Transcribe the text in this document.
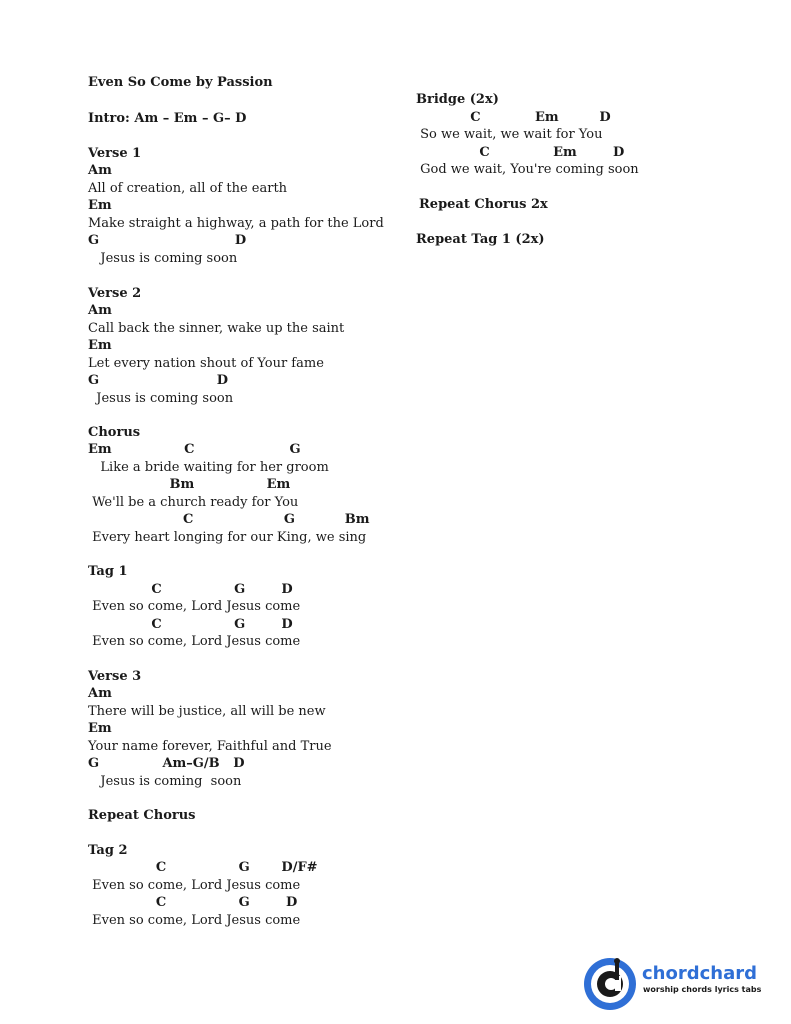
Even So Come by Passion
Intro: Am – Em – G– D
Verse 1
Am
All of creation, all of the earth
Em
Make straight a highway, a path for the Lord
G                              D
Jesus is coming soon
Verse 2
Am
Call back the sinner, wake up the saint
Em
Let every nation shout of Your fame
G                          D
Jesus is coming soon
Chorus
Em                C                     G
Like a bride waiting for her groom
Bm                Em
We'll be a church ready for You
C                    G           Bm
Every heart longing for our King, we sing
Tag 1
C                G        D
Even so come, Lord Jesus come
C                G        D
Even so come, Lord Jesus come
Verse 3
Am
There will be justice, all will be new
Em
Your name forever, Faithful and True
G              Am–G/B   D
Jesus is coming  soon
Repeat Chorus
Tag 2
C                G       D/F#
Even so come, Lord Jesus come
C                G        D
Even so come, Lord Jesus come
Bridge (2x)
C            Em         D
So we wait, we wait for You
C              Em        D
God we wait, You're coming soon
Repeat Chorus 2x
Repeat Tag 1 (2x)
chordchard
worship chords lyrics tabs
